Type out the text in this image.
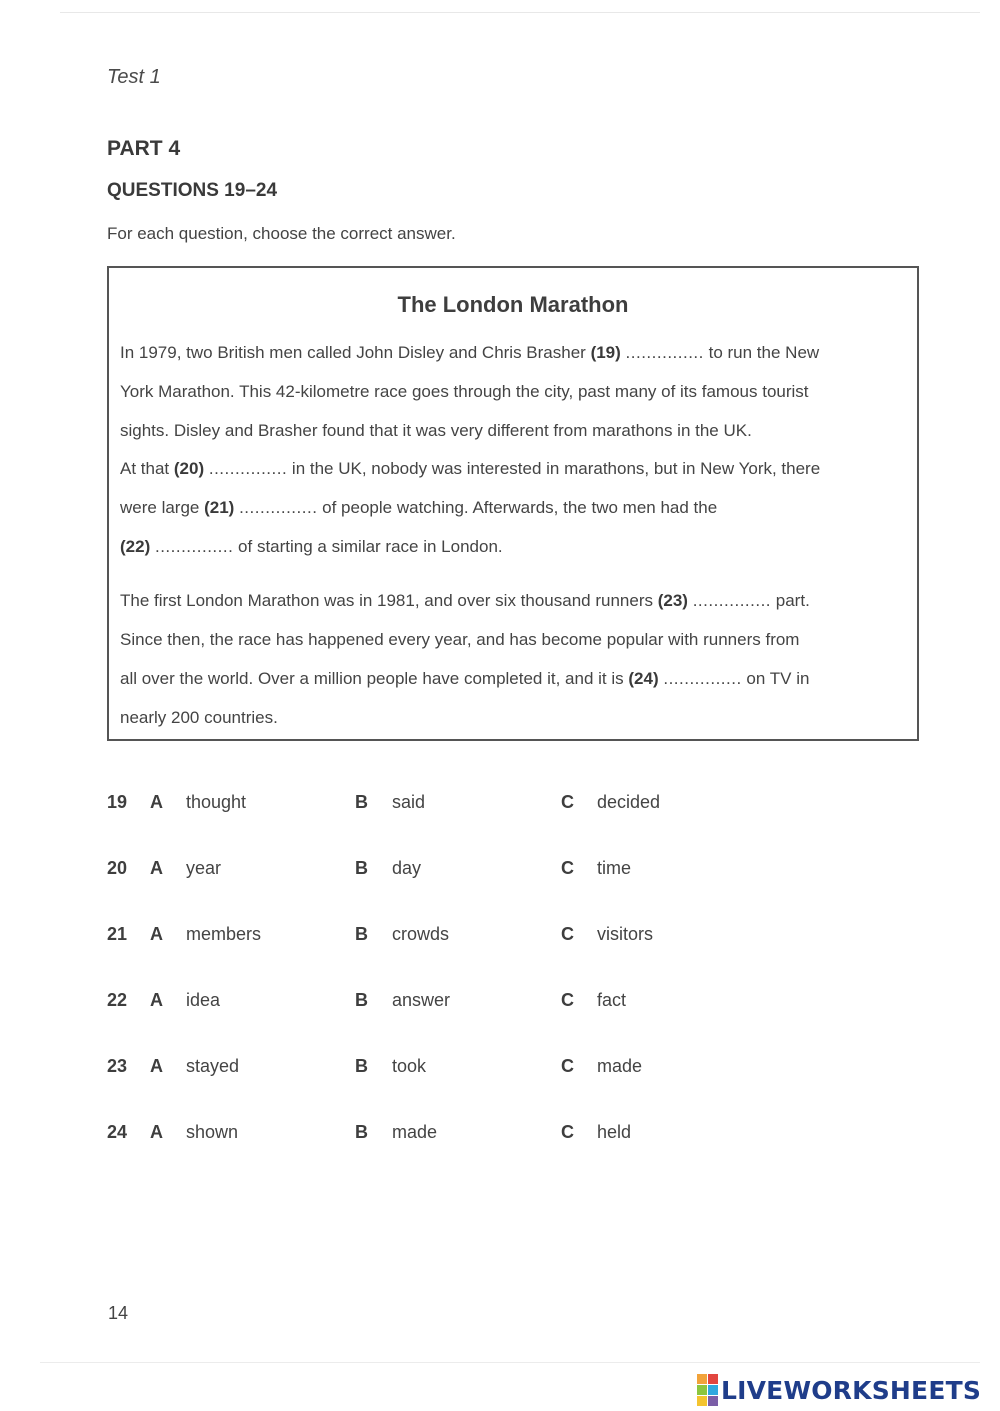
Test 1
PART 4
QUESTIONS 19–24
For each question, choose the correct answer.
The London Marathon
In 1979, two British men called John Disley and Chris Brasher (19) ............... to run the New
York Marathon. This 42-kilometre race goes through the city, past many of its famous tourist
sights. Disley and Brasher found that it was very different from marathons in the UK.
At that (20) ............... in the UK, nobody was interested in marathons, but in New York, there
were large (21) ............... of people watching. Afterwards, the two men had the
(22) ............... of starting a similar race in London.
The first London Marathon was in 1981, and over six thousand runners (23) ............... part.
Since then, the race has happened every year, and has become popular with runners from
all over the world. Over a million people have completed it, and it is (24) ............... on TV in
nearly 200 countries.
19 A thought	B said	C decided
20 A year	B day	C time
21 A members	B crowds	C visitors
22 A idea	B answer	C fact
23 A stayed	B took	C made
24 A shown	B made	C held
14
LIVEWORKSHEETS
